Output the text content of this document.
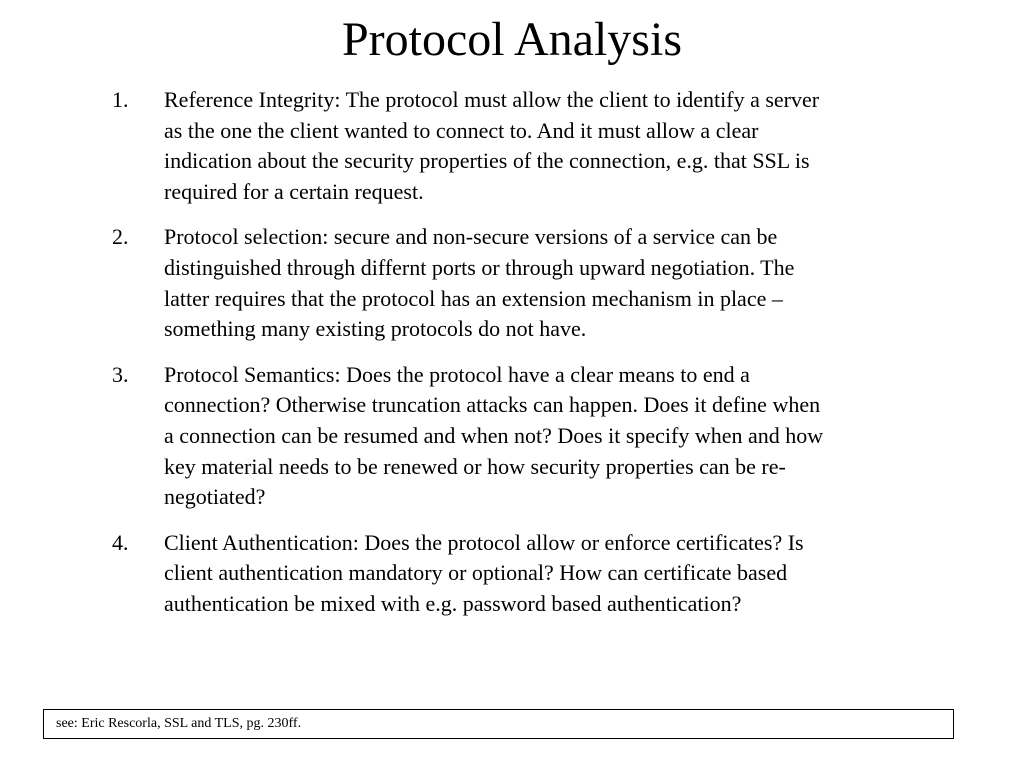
Protocol Analysis
1.	Reference Integrity: The protocol must allow the client to identify a server as the one the client wanted to connect to. And it must allow a clear indication about the security properties of the connection, e.g. that SSL is required for a certain request.
2.	Protocol selection: secure and non-secure versions of a service can be distinguished through differnt ports or through upward negotiation. The latter requires that the protocol has an extension mechanism in place – something many existing protocols do not have.
3.	Protocol Semantics: Does the protocol have a clear means to end a connection? Otherwise truncation attacks can happen. Does it define when a connection can be resumed and when not? Does it specify when and how key material needs to be renewed or how security properties can be re-negotiated?
4.	Client Authentication: Does the protocol allow or enforce certificates? Is client authentication mandatory or optional? How can certificate based authentication be mixed with e.g. password based authentication?
see: Eric Rescorla, SSL and TLS, pg. 230ff.
